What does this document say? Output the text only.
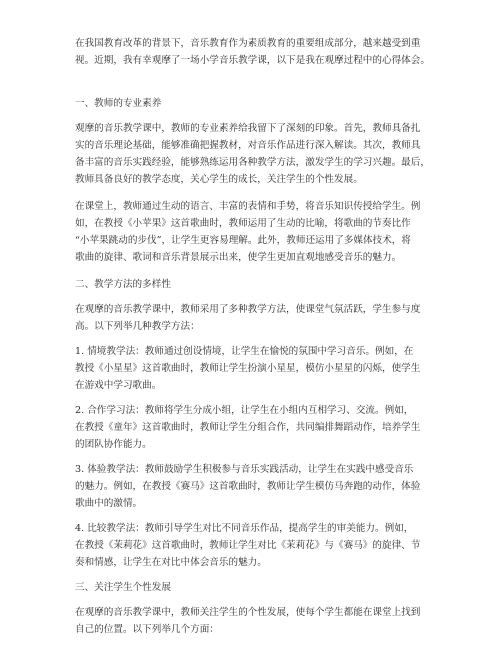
在我国教育改革的背景下，音乐教育作为素质教育的重要组成部分，越来越受到重
视。近期，我有幸观摩了一场小学音乐教学课，以下是我在观摩过程中的心得体会。
一、教师的专业素养
观摩的音乐教学课中，教师的专业素养给我留下了深刻的印象。首先，教师具备扎
实的音乐理论基础，能够准确把握教材，对音乐作品进行深入解读。其次，教师具
备丰富的音乐实践经验，能够熟练运用各种教学方法，激发学生的学习兴趣。最后，
教师具备良好的教学态度，关心学生的成长，关注学生的个性发展。
在课堂上，教师通过生动的语言、丰富的表情和手势，将音乐知识传授给学生。例
如，在教授《小苹果》这首歌曲时，教师运用了生动的比喻，将歌曲的节奏比作
“小苹果跳动的步伐”，让学生更容易理解。此外，教师还运用了多媒体技术，将
歌曲的旋律、歌词和音乐背景展示出来，使学生更加直观地感受音乐的魅力。
二、教学方法的多样性
在观摩的音乐教学课中，教师采用了多种教学方法，使课堂气氛活跃，学生参与度
高。以下列举几种教学方法：
1. 情境教学法：教师通过创设情境，让学生在愉悦的氛围中学习音乐。例如，在
教授《小星星》这首歌曲时，教师让学生扮演小星星，模仿小星星的闪烁，使学生
在游戏中学习歌曲。
2. 合作学习法：教师将学生分成小组，让学生在小组内互相学习、交流。例如，
在教授《童年》这首歌曲时，教师让学生分组合作，共同编排舞蹈动作，培养学生
的团队协作能力。
3. 体验教学法：教师鼓励学生积极参与音乐实践活动，让学生在实践中感受音乐
的魅力。例如，在教授《赛马》这首歌曲时，教师让学生模仿马奔跑的动作，体验
歌曲中的激情。
4. 比较教学法：教师引导学生对比不同音乐作品，提高学生的审美能力。例如，
在教授《茉莉花》这首歌曲时，教师让学生对比《茉莉花》与《赛马》的旋律、节
奏和情感，让学生在对比中体会音乐的魅力。
三、关注学生个性发展
在观摩的音乐教学课中，教师关注学生的个性发展，使每个学生都能在课堂上找到
自己的位置。以下列举几个方面：
